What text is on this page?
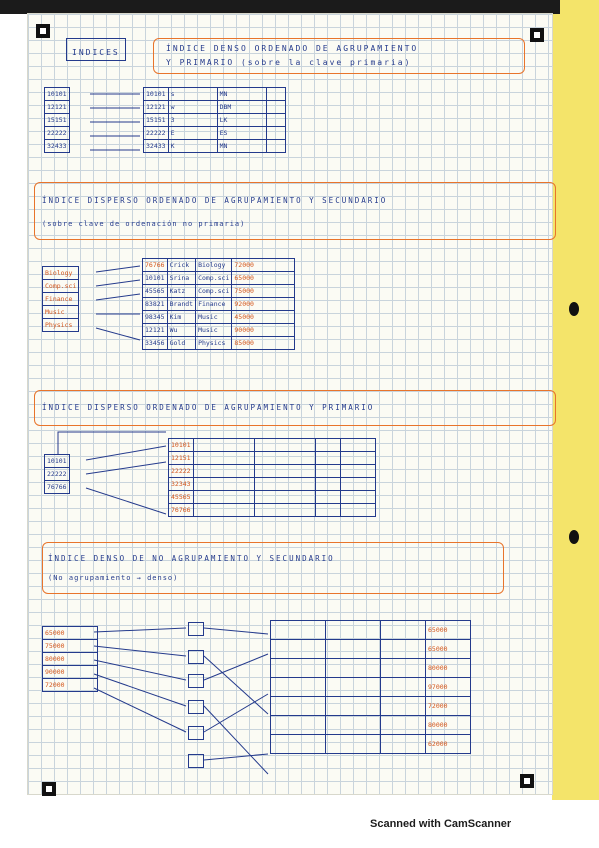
INDICES	ÍNDICE DENSO ORDENADO DE AGRUPAMIENTO
Y PRIMARIO (sobre la clave primaria)
10101
12121
15151
22222
32433
10101	s	MN	
12121	w	DBM	
15151	3	LK	
22222	E	ES	
32433	K	MN	
ÍNDICE DISPERSO ORDENADO DE AGRUPAMIENTO Y SECUNDARIO
(sobre clave de ordenación no primaria)
Biology
Comp.sci
Finance
Music
Physics
76766	Crick	Biology	72000
10101	Srina	Comp.sci	65000
45565	Katz	Comp.sci	75000
83821	Brandt	Finance	92000
98345	Kim	Music	45000
12121	Wu	Music	90000
33456	Gold	Physics	85000
ÍNDICE DISPERSO ORDENADO DE AGRUPAMIENTO Y PRIMARIO
10101
22222
76766
10101				
12151				
22222				
32343				
45565				
76766				
ÍNDICE DENSO DE NO AGRUPAMIENTO Y SECUNDARIO
(No agrupamiento → denso)
65000
75000
80000
90000
72000
			65000
			65000
			80000
			97000
			72000
			80000
			62000
Scanned with CamScanner
